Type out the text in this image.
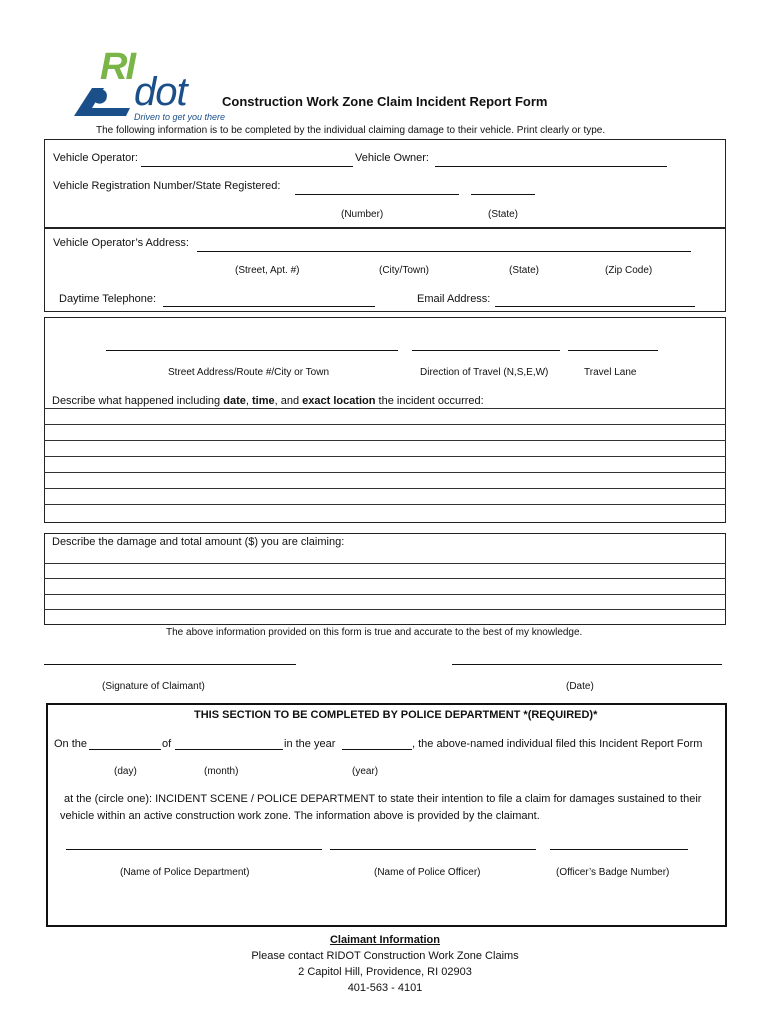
RI
dot
Driven to get you there
Construction Work Zone Claim Incident Report Form
The following information is to be completed by the individual claiming damage to their vehicle. Print clearly or type.
Vehicle Operator:	Vehicle Owner:
Vehicle Registration Number/State Registered:
(Number)	(State)
Vehicle Operator’s Address:
(Street, Apt. #)	(City/Town)	(State)	(Zip Code)
Daytime Telephone:	Email Address:
Street Address/Route #/City or Town	Direction of Travel (N,S,E,W)	Travel Lane
Describe what happened including date, time, and exact location the incident occurred:
Describe the damage and total amount ($) you are claiming:
The above information provided on this form is true and accurate to the best of my knowledge.
(Signature of Claimant)	(Date)
THIS SECTION TO BE COMPLETED BY POLICE DEPARTMENT *(REQUIRED)*
On the	of	in the year	, the above-named individual filed this Incident Report Form
(day)	(month)	(year)
at the (circle one): INCIDENT SCENE / POLICE DEPARTMENT to state their intention to file a claim for damages sustained to their
vehicle within an active construction work zone. The information above is provided by the claimant.
(Name of Police Department)	(Name of Police Officer)	(Officer’s Badge Number)
Claimant Information
Please contact RIDOT Construction Work Zone Claims
2 Capitol Hill, Providence, RI 02903
401-563 - 4101
